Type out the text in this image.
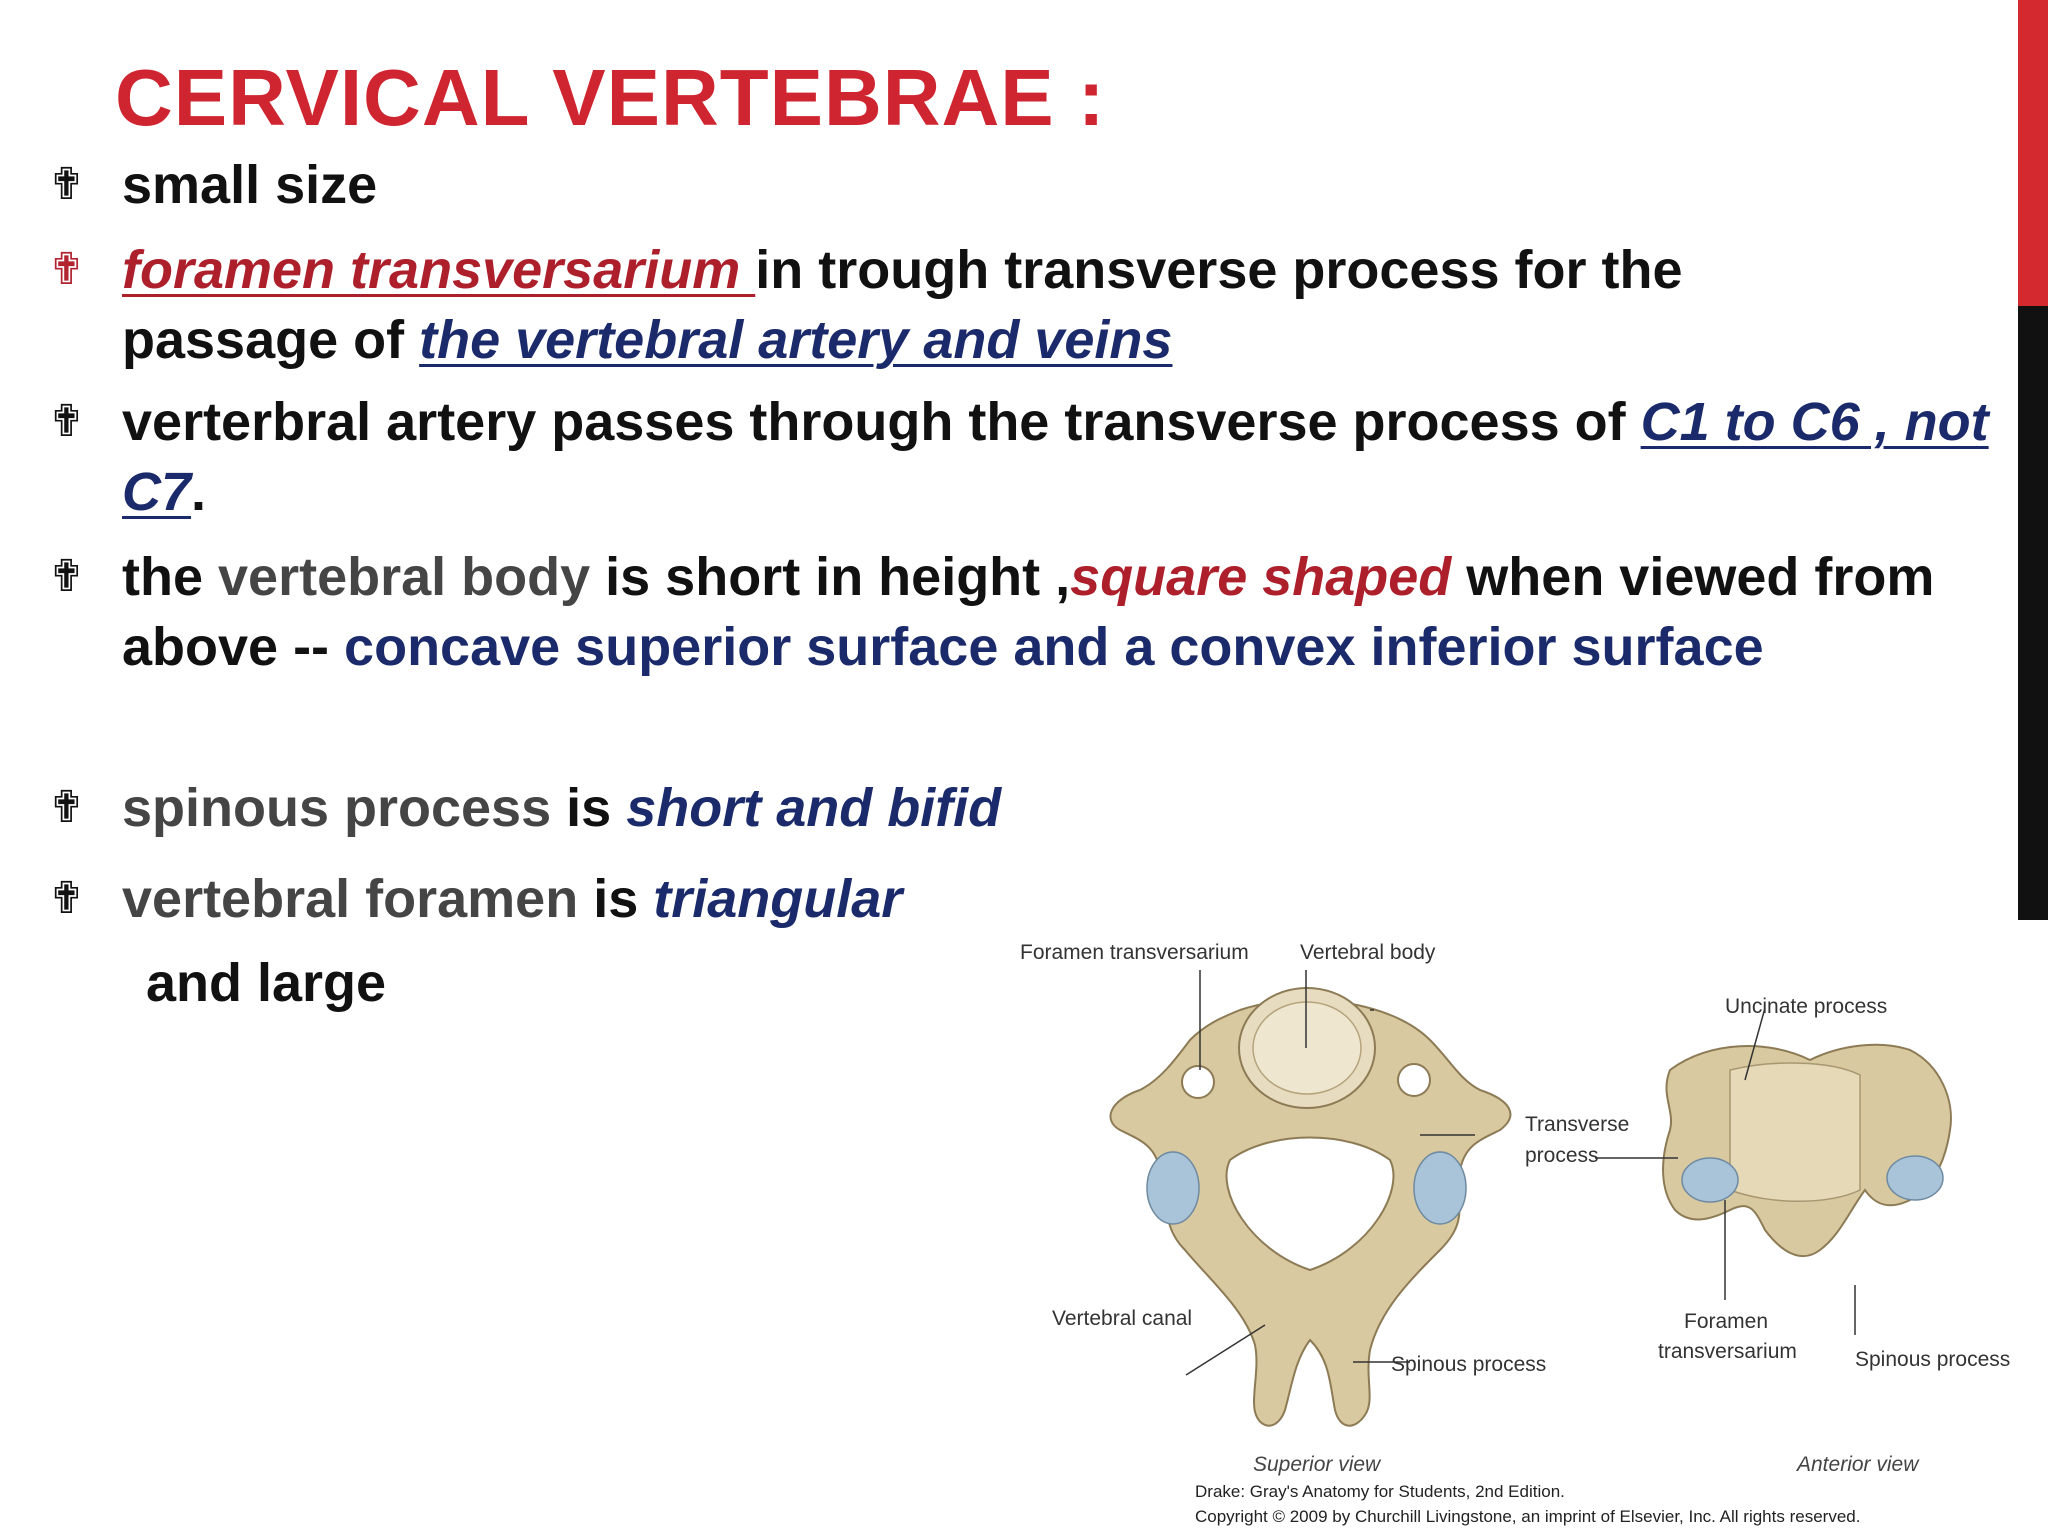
CERVICAL VERTEBRAE :
✟ small size
✟ foramen transversarium in trough transverse process for the passage of the vertebral artery and veins
✟ verterbral artery passes through the transverse process of C1 to C6 , not C7.
✟ the vertebral body is short in height ,square shaped when viewed from above -- concave superior surface and a convex inferior surface
✟ spinous process is short and bifid
✟ vertebral foramen is triangular
and large
Foramen transversarium Vertebral body
Uncinate process
Transverse
process
Vertebral canal
Spinous process
Foramen
transversarium	Spinous process
Superior view	Anterior view
Drake: Gray's Anatomy for Students, 2nd Edition.
Copyright © 2009 by Churchill Livingstone, an imprint of Elsevier, Inc. All rights reserved.
